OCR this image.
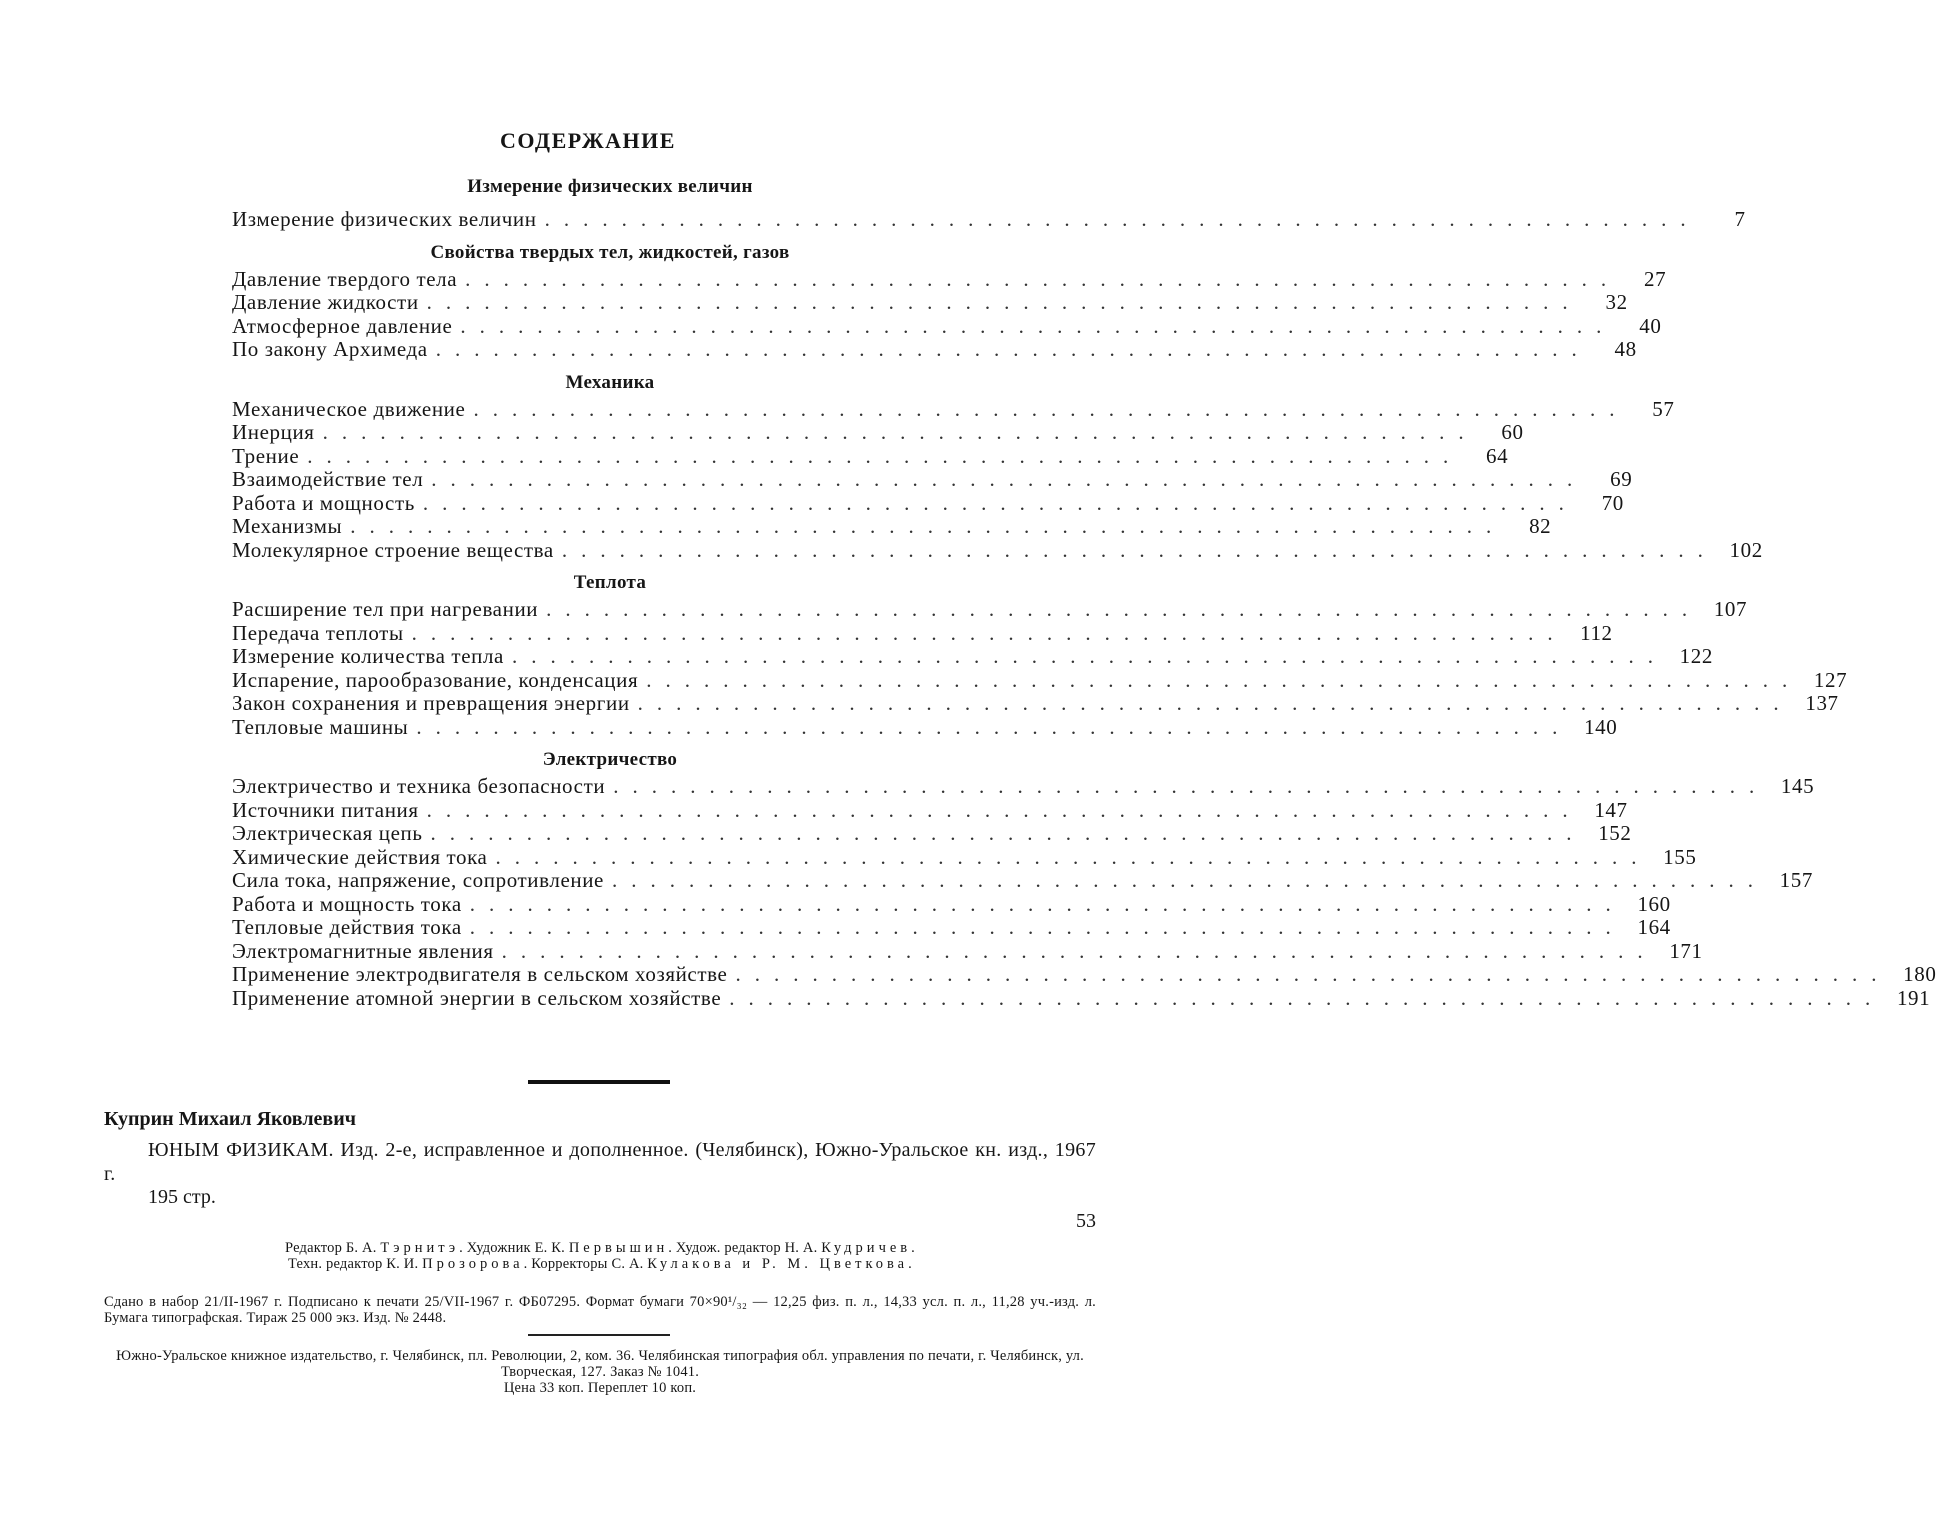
СОДЕРЖАНИЕ
Измерение физических величин
Измерение физических величин ............................................................	7
Свойства твердых тел, жидкостей, газов
Давление твердого тела ............................................................	27
Давление жидкости ............................................................	32
Атмосферное давление ............................................................	40
По закону Архимеда ............................................................	48
Механика
Механическое движение ............................................................	57
Инерция ............................................................	60
Трение ............................................................	64
Взаимодействие тел ............................................................	69
Работа и мощность ............................................................	70
Механизмы ............................................................	82
Молекулярное строение вещества ............................................................ 102
Теплота
Расширение тел при нагревании ............................................................ 107
Передача теплоты ............................................................ 112
Измерение количества тепла ............................................................ 122
Испарение, парообразование, конденсация ............................................................ 127
Закон сохранения и превращения энергии ............................................................ 137
Тепловые машины ............................................................ 140
Электричество
Электричество и техника безопасности ............................................................ 145
Источники питания ............................................................ 147
Электрическая цепь ............................................................ 152
Химические действия тока ............................................................ 155
Сила тока, напряжение, сопротивление ............................................................ 157
Работа и мощность тока ............................................................ 160
Тепловые действия тока ............................................................ 164
Электромагнитные явления ............................................................ 171
Применение электродвигателя в сельском хозяйстве ............................................................ 180
Применение атомной энергии в сельском хозяйстве ............................................................ 191
Куприн Михаил Яковлевич
ЮНЫМ ФИЗИКАМ. Изд. 2-е, исправленное и дополненное. (Челябинск), Южно-Уральское кн. изд., 1967 г.
195 стр.
53
Редактор Б. А. Тэрнитэ. Художник Е. К. Первышин. Худож. редактор Н. А. Кудричев.
Техн. редактор К. И. Прозорова. Корректоры С. А. Кулакова и Р. М. Цветкова.
Сдано в набор 21/II-1967 г. Подписано к печати 25/VII-1967 г. ФБ07295. Формат бумаги 70×90¹/₃₂ — 12,25 физ. п. л., 14,33 усл. п. л., 11,28 уч.-изд. л. Бумага типографская. Тираж 25 000 экз. Изд. № 2448.
Южно-Уральское книжное издательство, г. Челябинск, пл. Революции, 2, ком. 36. Челябинская типография обл. управления по печати, г. Челябинск, ул. Творческая, 127. Заказ № 1041.
Цена 33 коп. Переплет 10 коп.
